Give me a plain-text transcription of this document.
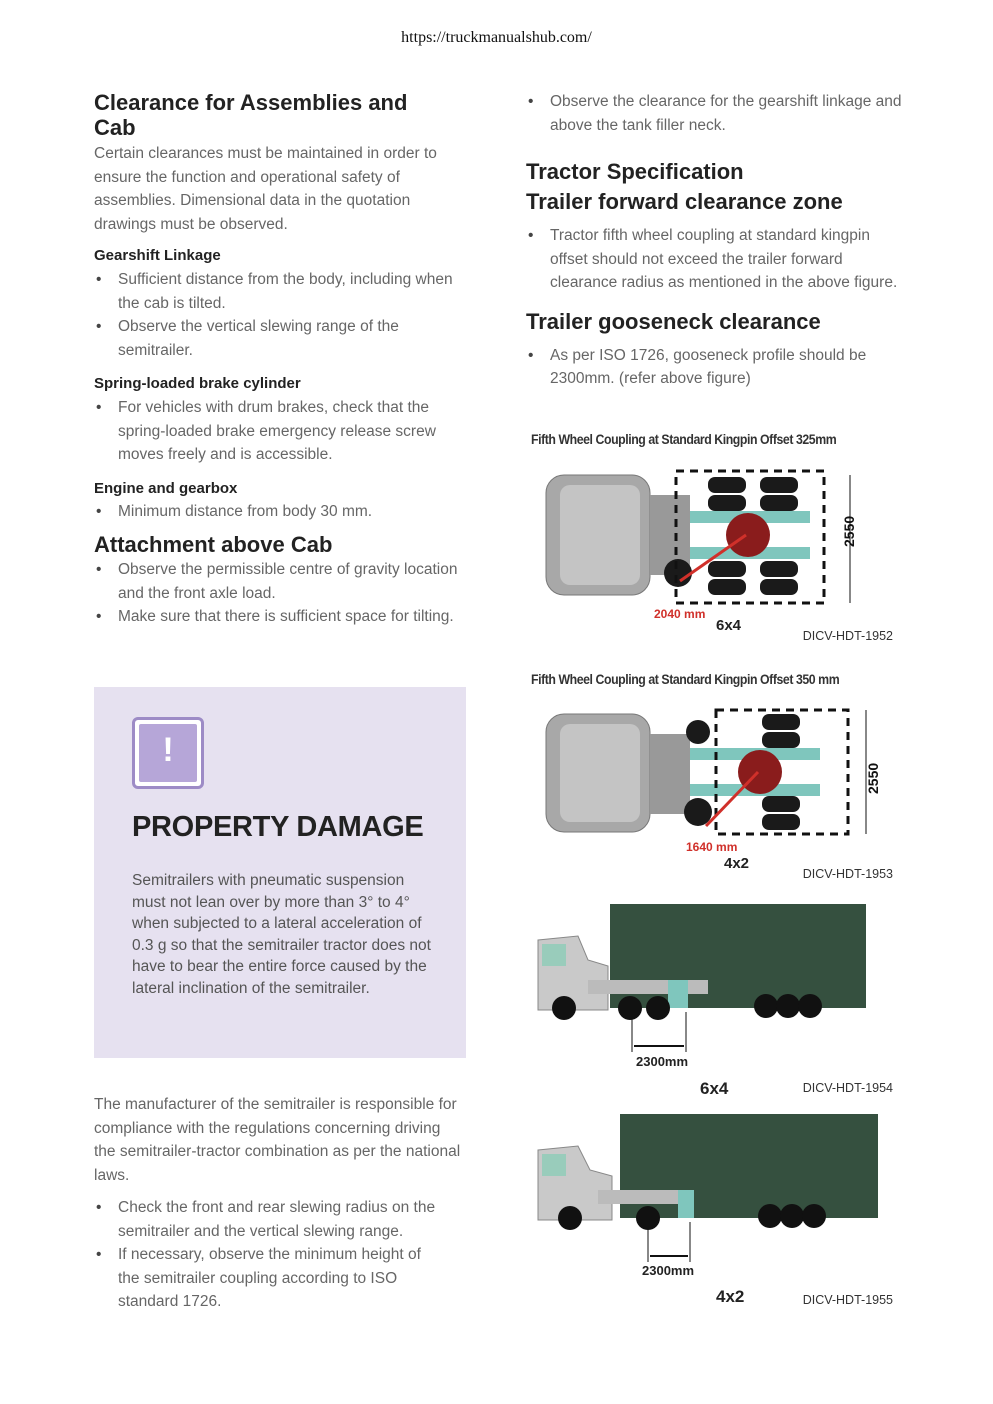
https://truckmanualshub.com/
Clearance for Assemblies and Cab

Certain clearances must be maintained in order to ensure the function and operational safety of assemblies. Dimensional data in the quotation drawings must be observed.

Gearshift Linkage
• Sufficient distance from the body, including when the cab is tilted.
• Observe the vertical slewing range of the semitrailer.
Spring-loaded brake cylinder
• For vehicles with drum brakes, check that the spring-loaded brake emergency release screw moves freely and is accessible.
Engine and gearbox
• Minimum distance from body 30 mm.
Attachment above Cab
• Observe the permissible centre of gravity location and the front axle load.
• Make sure that there is sufficient space for tilting.
!
PROPERTY DAMAGE
Semitrailers with pneumatic suspension must not lean over by more than 3° to 4° when subjected to a lateral acceleration of 0.3 g so that the semitrailer tractor does not have to bear the entire force caused by the lateral inclination of the semitrailer.

The manufacturer of the semitrailer is responsible for compliance with the regulations concerning driving the semitrailer-tractor combination as per the national laws.

• Check the front and rear slewing radius on the semitrailer and the vertical slewing range.
• If necessary, observe the minimum height of the semitrailer coupling according to ISO standard 1726.
• Observe the clearance for the gearshift linkage and above the tank filler neck.
Tractor Specification
Trailer forward clearance zone
• Tractor fifth wheel coupling at standard kingpin offset should not exceed the trailer forward clearance radius as mentioned in the above figure.
Trailer gooseneck clearance
• As per ISO 1726, gooseneck profile should be 2300mm. (refer above figure)
Fifth Wheel Coupling at Standard Kingpin Offset 325mm
2550
2040 mm
6x4
DICV-HDT-1952
Fifth Wheel Coupling at Standard Kingpin Offset 350 mm
2550
1640 mm
4x2
DICV-HDT-1953
2300mm
6x4	DICV-HDT-1954
2300mm
4x2	DICV-HDT-1955
